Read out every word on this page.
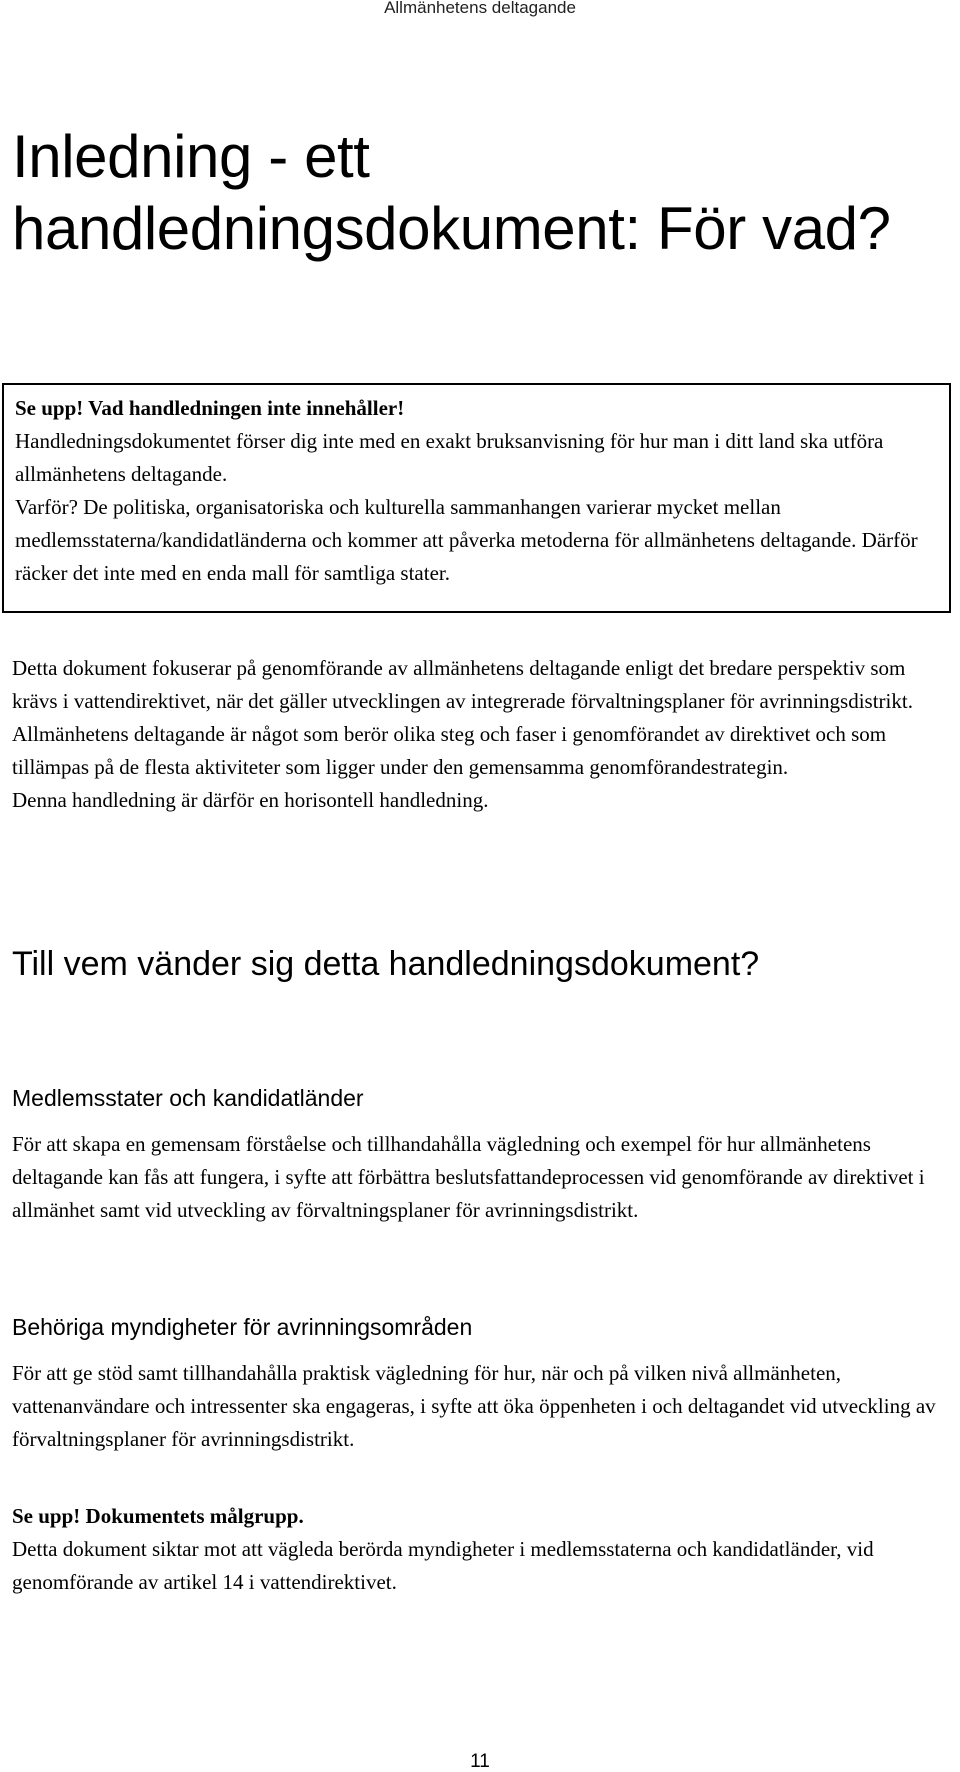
Allmänhetens deltagande
Inledning - ett handledningsdokument: För vad?

Se upp! Vad handledningen inte innehåller!

Handledningsdokumentet förser dig inte med en exakt bruksanvisning för hur man i ditt land ska utföra allmänhetens deltagande.

Varför? De politiska, organisatoriska och kulturella sammanhangen varierar mycket mellan medlemsstaterna/kandidatländerna och kommer att påverka metoderna för allmänhetens deltagande. Därför räcker det inte med en enda mall för samtliga stater.

Detta dokument fokuserar på genomförande av allmänhetens deltagande enligt det bredare perspektiv som krävs i vattendirektivet, när det gäller utvecklingen av integrerade förvaltningsplaner för avrinningsdistrikt.

Allmänhetens deltagande är något som berör olika steg och faser i genomförandet av direktivet och som tillämpas på de flesta aktiviteter som ligger under den gemensamma genomförandestrategin.

Denna handledning är därför en horisontell handledning.

Till vem vänder sig detta handledningsdokument?
Medlemsstater och kandidatländer

För att skapa en gemensam förståelse och tillhandahålla vägledning och exempel för hur allmänhetens deltagande kan fås att fungera, i syfte att förbättra beslutsfattandeprocessen vid genomförande av direktivet i allmänhet samt vid utveckling av förvaltningsplaner för avrinningsdistrikt.

Behöriga myndigheter för avrinningsområden

För att ge stöd samt tillhandahålla praktisk vägledning för hur, när och på vilken nivå allmänheten, vattenanvändare och intressenter ska engageras, i syfte att öka öppenheten i och deltagandet vid utveckling av förvaltningsplaner för avrinningsdistrikt.

Se upp! Dokumentets målgrupp.

Detta dokument siktar mot att vägleda berörda myndigheter i medlemsstaterna och kandidatländer, vid genomförande av artikel 14 i vattendirektivet.

11
